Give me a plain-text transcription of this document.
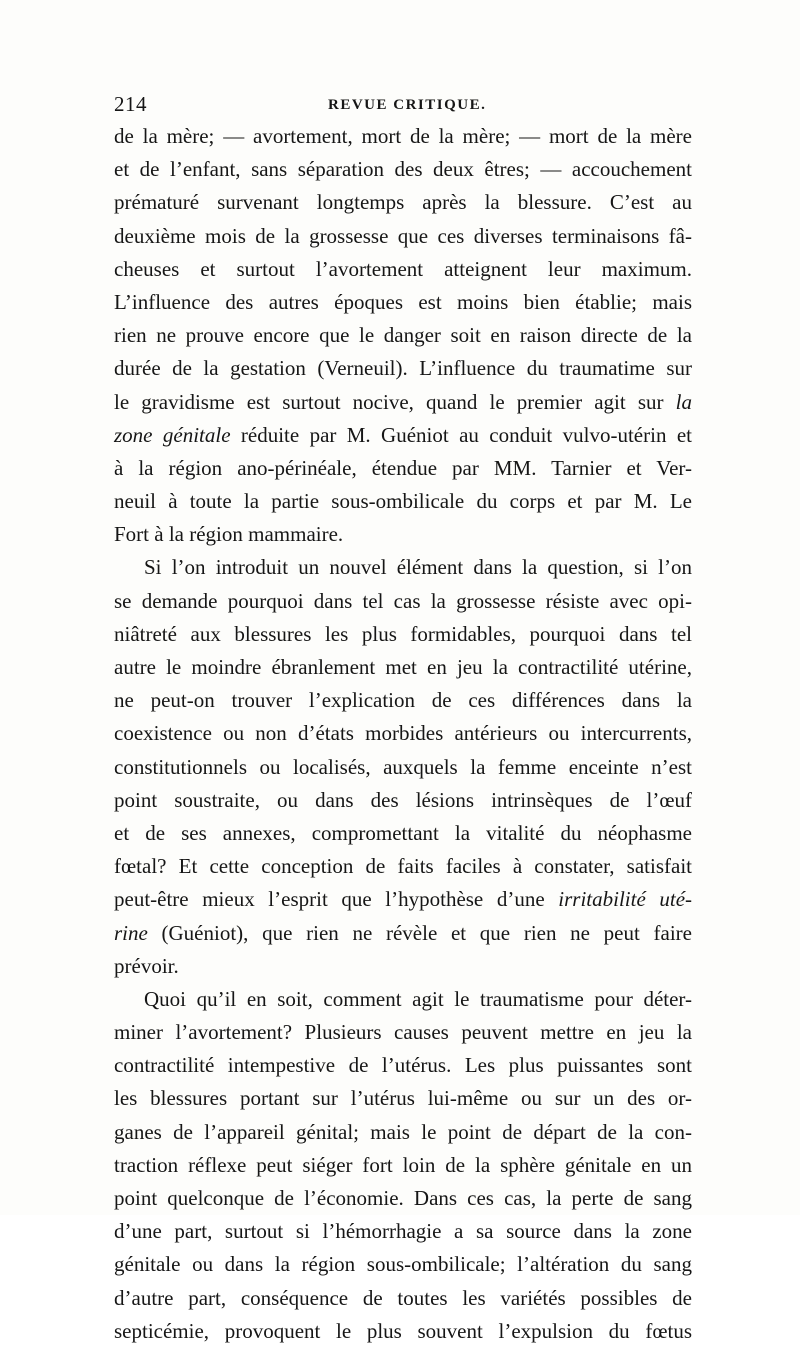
214	REVUE CRITIQUE.
de la mère; — avortement, mort de la mère; — mort de la mère
et de l’enfant, sans séparation des deux êtres; — accouchement
prématuré survenant longtemps après la blessure. C’est au
deuxième mois de la grossesse que ces diverses terminaisons fâ-
cheuses et surtout l’avortement atteignent leur maximum.
L’influence des autres époques est moins bien établie; mais
rien ne prouve encore que le danger soit en raison directe de la
durée de la gestation (Verneuil). L’influence du traumatime sur
le gravidisme est surtout nocive, quand le premier agit sur la
zone génitale réduite par M. Guéniot au conduit vulvo-utérin et
à la région ano-périnéale, étendue par MM. Tarnier et Ver-
neuil à toute la partie sous-ombilicale du corps et par M. Le
Fort à la région mammaire.
Si l’on introduit un nouvel élément dans la question, si l’on
se demande pourquoi dans tel cas la grossesse résiste avec opi-
niâtreté aux blessures les plus formidables, pourquoi dans tel
autre le moindre ébranlement met en jeu la contractilité utérine,
ne peut-on trouver l’explication de ces différences dans la
coexistence ou non d’états morbides antérieurs ou intercurrents,
constitutionnels ou localisés, auxquels la femme enceinte n’est
point soustraite, ou dans des lésions intrinsèques de l’œuf
et de ses annexes, compromettant la vitalité du néophasme
fœtal? Et cette conception de faits faciles à constater, satisfait
peut-être mieux l’esprit que l’hypothèse d’une irritabilité uté-
rine (Guéniot), que rien ne révèle et que rien ne peut faire
prévoir.
Quoi qu’il en soit, comment agit le traumatisme pour déter-
miner l’avortement? Plusieurs causes peuvent mettre en jeu la
contractilité intempestive de l’utérus. Les plus puissantes sont
les blessures portant sur l’utérus lui-même ou sur un des or-
ganes de l’appareil génital; mais le point de départ de la con-
traction réflexe peut siéger fort loin de la sphère génitale en un
point quelconque de l’économie. Dans ces cas, la perte de sang
d’une part, surtout si l’hémorrhagie a sa source dans la zone
génitale ou dans la région sous-ombilicale; l’altération du sang
d’autre part, conséquence de toutes les variétés possibles de
septicémie, provoquent le plus souvent l’expulsion du fœtus
